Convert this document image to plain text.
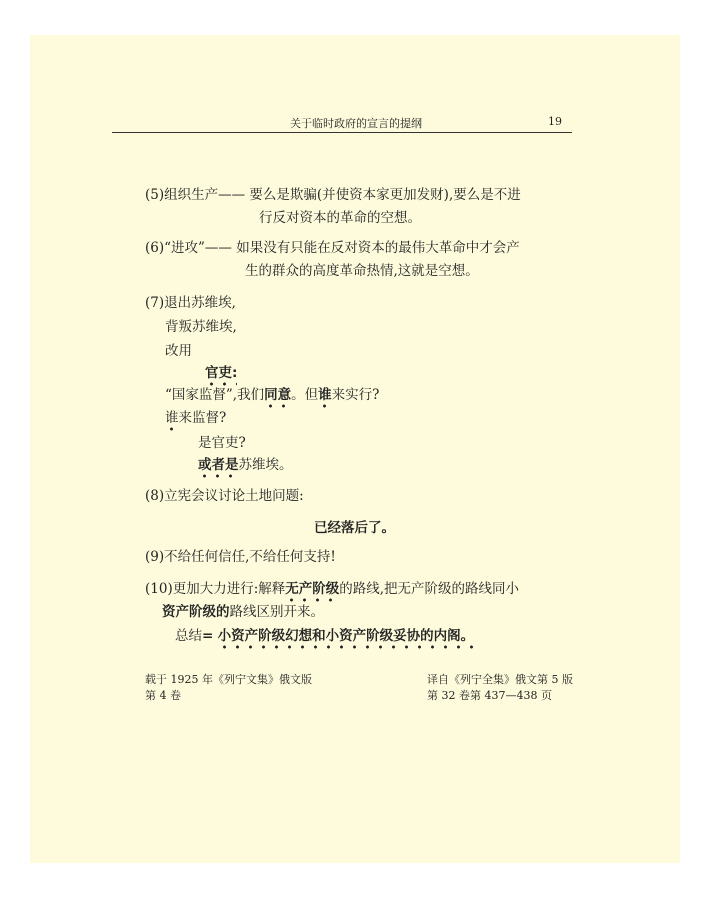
关于临时政府的宣言的提纲	19
(5)组织生产—— 要么是欺骗(并使资本家更加发财),要么是不进
行反对资本的革命的空想。
(6)“进攻”—— 如果没有只能在反对资本的最伟大革命中才会产
生的群众的高度革命热情,这就是空想。
(7)退出苏维埃,
背叛苏维埃,
改用
官吏:
“国家监督”,我们同意。但谁来实行?
谁来监督?
是官吏?
或者是苏维埃。
(8)立宪会议讨论土地问题:
已经落后了。
(9)不给任何信任,不给任何支持!
(10)更加大力进行:解释无产阶级的路线,把无产阶级的路线同小
资产阶级的路线区别开来。
总结= 小资产阶级幻想和小资产阶级妥协的内阁。
载于 1925 年《列宁文集》俄文版
第 4 卷
译自《列宁全集》俄文第 5 版
第 32 卷第 437—438 页
